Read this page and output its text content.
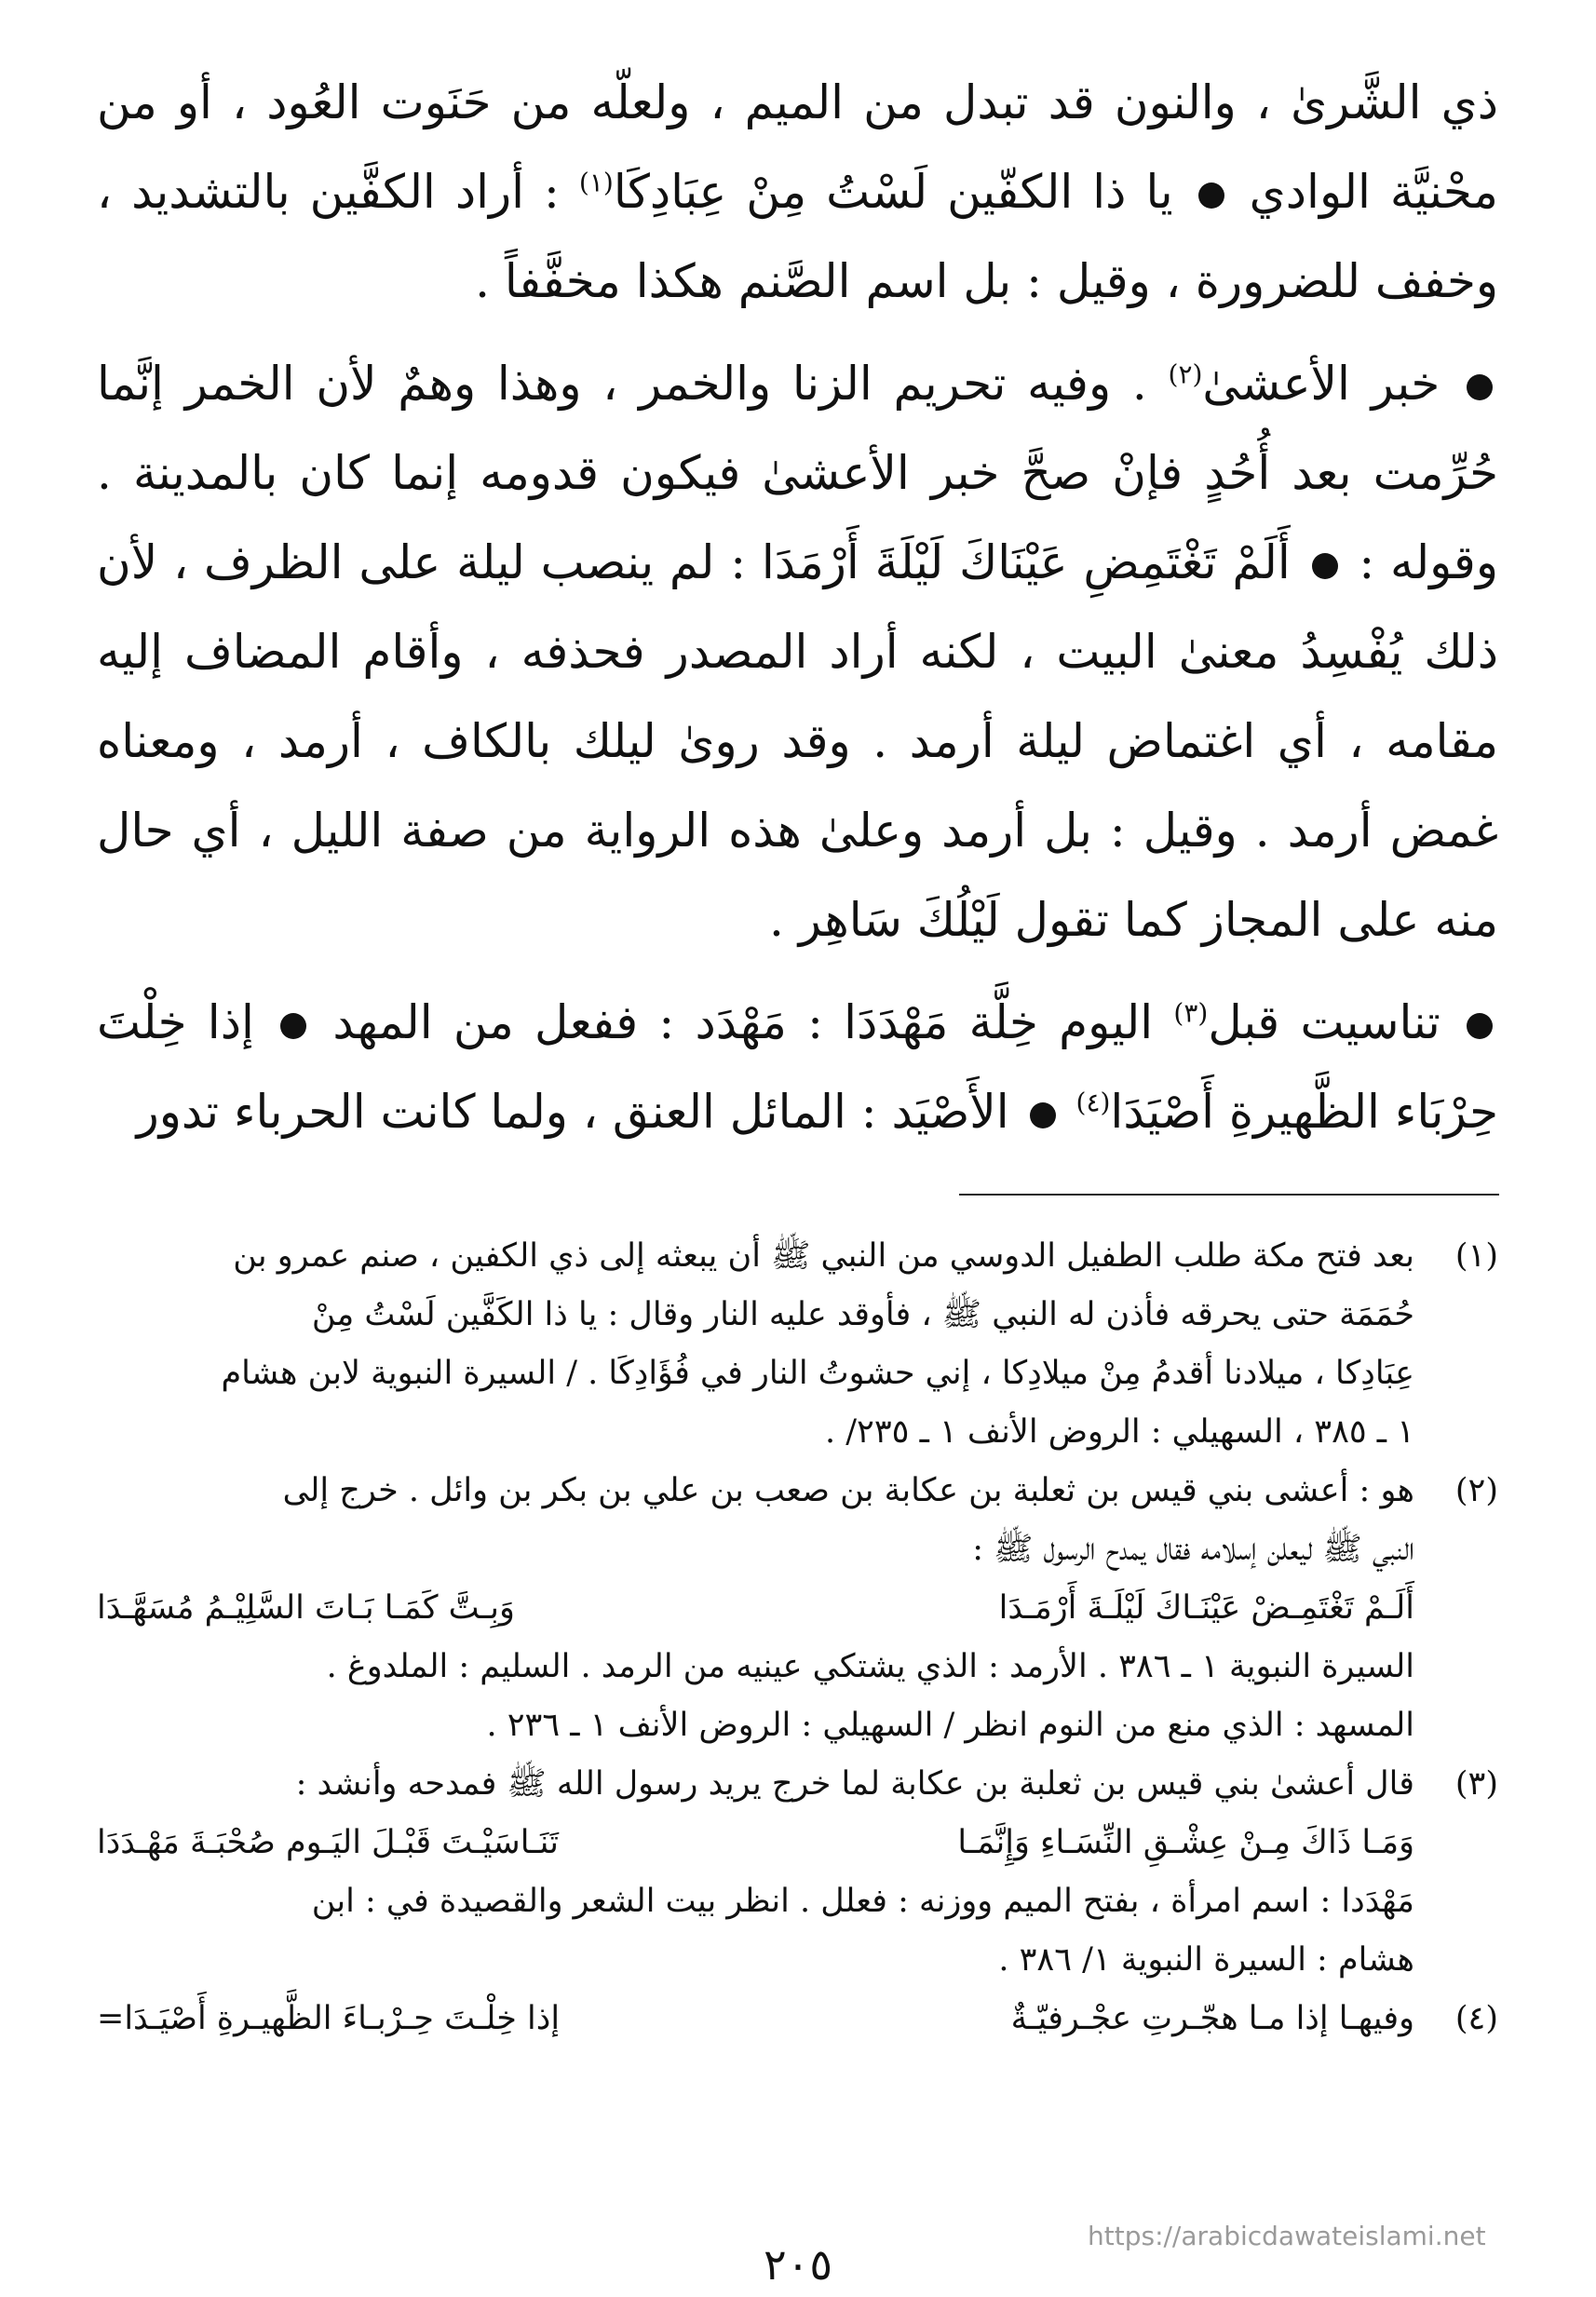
ذي الشَّرىٰ ، والنون قد تبدل من الميم ، ولعلّه من حَنَوت العُود ، أو من محْنيَّة الوادي  يا ذا الكفّين لَسْتُ مِنْ عِبَادِكَا$^{(١)}$ : أراد الكفَّين بالتشديد ، وخفف للضرورة ، وقيل : بل اسم الصَّنم هكذا مخفَّفاً .

خبر الأعشىٰ$^{(٢)}$ . وفيه تحريم الزنا والخمر ، وهذا وهمٌ لأن الخمر إنَّما حُرِّمت بعد أُحُدٍ فإنْ صحَّ خبر الأعشىٰ فيكون قدومه إنما كان بالمدينة . وقوله :  أَلَمْ تَغْتَمِضِ عَيْنَاكَ لَيْلَةَ أَرْمَدَا : لم ينصب ليلة على الظرف ، لأن ذلك يُفْسِدُ معنىٰ البيت ، لكنه أراد المصدر فحذفه ، وأقام المضاف إليه مقامه ، أي اغتماض ليلة أرمد . وقد روىٰ ليلك بالكاف ، أرمد ، ومعناه غمض أرمد . وقيل : بل أرمد وعلىٰ هذه الرواية من صفة الليل ، أي حال منه على المجاز كما تقول لَيْلُكَ سَاهِر .

تناسيت قبل$^{(٣)}$ اليوم خِلَّة مَهْدَدَا : مَهْدَد : ففعل من المهد  إذا خِلْتَ حِرْبَاء الظَّهيرةِ أَصْيَدَا$^{(٤)}$  الأَصْيَد : المائل العنق ، ولما كانت الحرباء تدور

(١)
بعد فتح مكة طلب الطفيل الدوسي من النبي ﷺ أن يبعثه إلى ذي الكفين ، صنم عمرو بن
حُمَمَة حتى يحرقه فأذن له النبي ﷺ ، فأوقد عليه النار وقال : يا ذا الكَفَّين لَسْتُ مِنْ
عِبَادِكا ، ميلادنا أقدمُ مِنْ ميلادِكا ، إني حشوتُ النار في فُؤَادِكَا . / السيرة النبوية لابن هشام
١ ـ ٣٨٥ ، السهيلي : الروض الأنف ١ ـ ٢٣٥/ .
(٢)
هو : أعشى بني قيس بن ثعلبة بن عكابة بن صعب بن علي بن بكر بن وائل . خرج إلى
النبي ﷺ ليعلن إسلامه فقال يمدح الرسول ﷺ :
أَلَـمْ تَغْتَمِـضْ عَيْنَـاكَ لَيْلَـةَ أَرْمَـدَا
وَبِـتَّ كَمَـا بَـاتَ السَّلِيْـمُ مُسَهَّـدَا
السيرة النبوية ١ ـ ٣٨٦ . الأرمد : الذي يشتكي عينيه من الرمد . السليم : الملدوغ .
المسهد : الذي منع من النوم انظر / السهيلي : الروض الأنف ١ ـ ٢٣٦ .
(٣)
قال أعشىٰ بني قيس بن ثعلبة بن عكابة لما خرج يريد رسول الله ﷺ فمدحه وأنشد :
وَمَـا ذَاكَ مِـنْ عِشْـقِ النِّسَـاءِ وَإِنَّمَـا
تَنَـاسَيْـتَ قَبْـلَ اليَـوم صُحْبَـةَ مَهْـدَدَا
مَهْدَدا : اسم امرأة ، بفتح الميم ووزنه : فعلل . انظر بيت الشعر والقصيدة في : ابن
هشام : السيرة النبوية ١/ ٣٨٦ .
(٤)
وفيهـا إذا مـا هجّـرتِ عجْـرفيّـةٌ
إذا خِلْـتَ حِـرْبـاءَ الظَّهيـرةِ أَصْيَـدَا=
https://arabicdawateislami.net
٢٠٥
